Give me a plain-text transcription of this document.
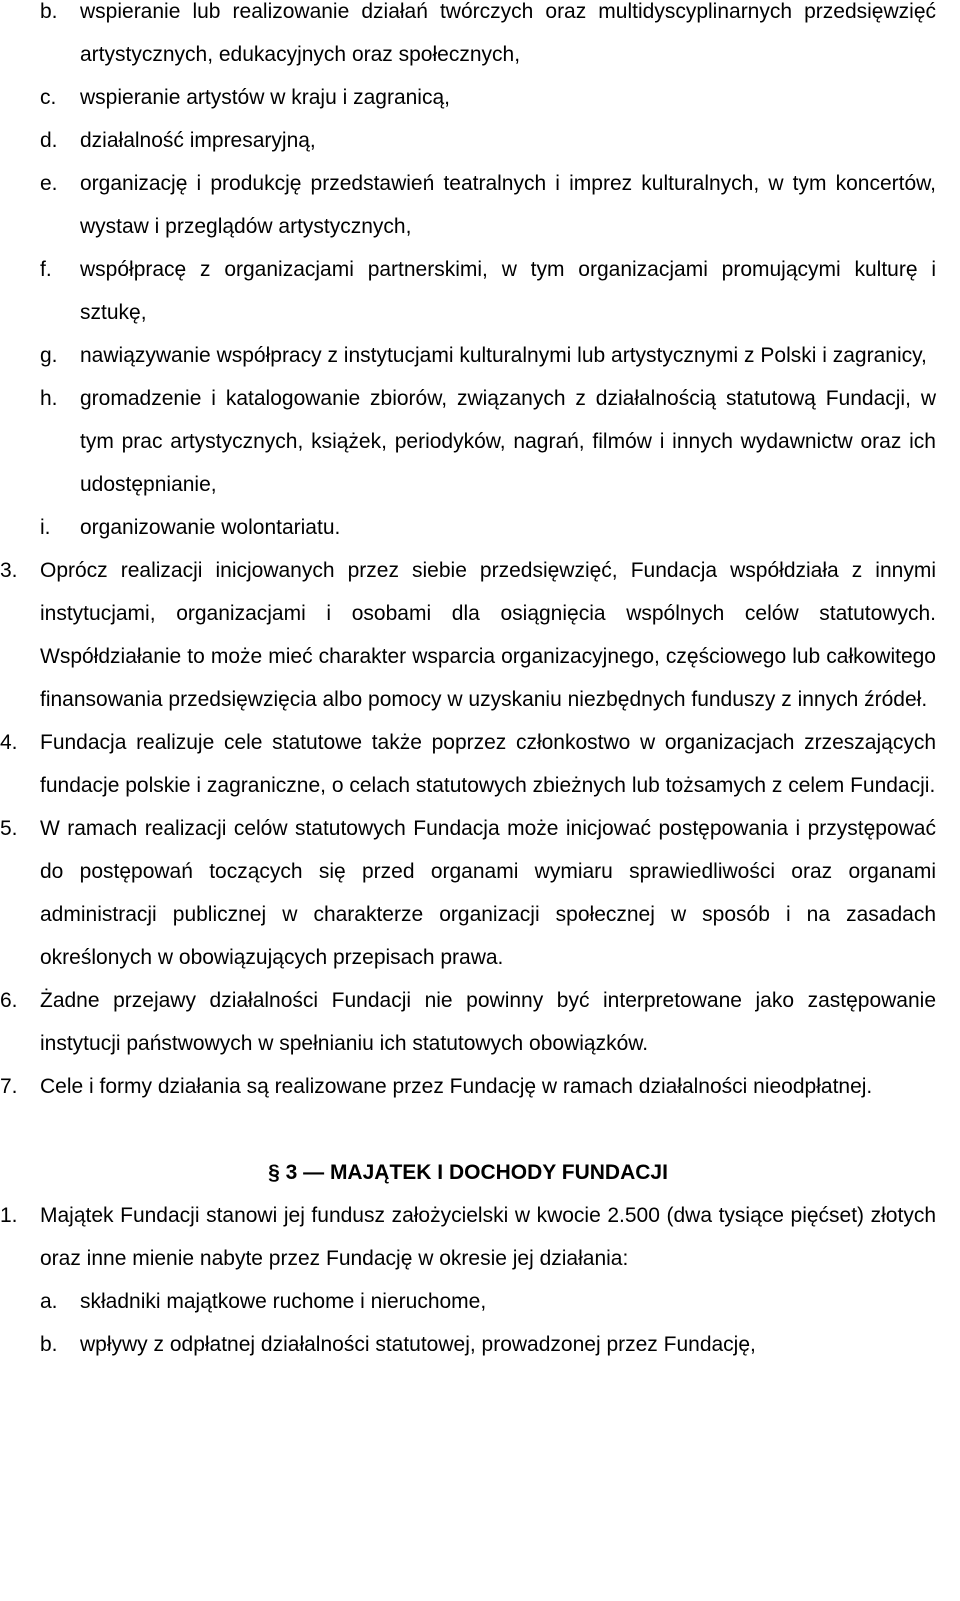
b. wspieranie lub realizowanie działań twórczych oraz multidyscyplinarnych przedsięwzięć artystycznych, edukacyjnych oraz społecznych,
c. wspieranie artystów w kraju i zagranicą,
d. działalność impresaryjną,
e. organizację i produkcję przedstawień teatralnych i imprez kulturalnych, w tym koncertów, wystaw i przeglądów artystycznych,
f. współpracę z organizacjami partnerskimi, w tym organizacjami promującymi kulturę i sztukę,
g. nawiązywanie współpracy z instytucjami kulturalnymi lub artystycznymi z Polski i zagranicy,
h. gromadzenie i katalogowanie zbiorów, związanych z działalnością statutową Fundacji, w tym prac artystycznych, książek, periodyków, nagrań, filmów i innych wydawnictw oraz ich udostępnianie,
i. organizowanie wolontariatu.
3. Oprócz realizacji inicjowanych przez siebie przedsięwzięć, Fundacja współdziała z innymi instytucjami, organizacjami i osobami dla osiągnięcia wspólnych celów statutowych. Współdziałanie to może mieć charakter wsparcia organizacyjnego, częściowego lub całkowitego finansowania przedsięwzięcia albo pomocy w uzyskaniu niezbędnych funduszy z innych źródeł.
4. Fundacja realizuje cele statutowe także poprzez członkostwo w organizacjach zrzeszających fundacje polskie i zagraniczne, o celach statutowych zbieżnych lub tożsamych z celem Fundacji.
5. W ramach realizacji celów statutowych Fundacja może inicjować postępowania i przystępować do postępowań toczących się przed organami wymiaru sprawiedliwości oraz organami administracji publicznej w charakterze organizacji społecznej w sposób i na zasadach określonych w obowiązujących przepisach prawa.
6. Żadne przejawy działalności Fundacji nie powinny być interpretowane jako zastępowanie instytucji państwowych w spełnianiu ich statutowych obowiązków.
7. Cele i formy działania są realizowane przez Fundację w ramach działalności nieodpłatnej.
§ 3 — MAJĄTEK I DOCHODY FUNDACJI
1. Majątek Fundacji stanowi jej fundusz założycielski w kwocie 2.500 (dwa tysiące pięćset) złotych oraz inne mienie nabyte przez Fundację w okresie jej działania:
a. składniki majątkowe ruchome i nieruchome,
b. wpływy z odpłatnej działalności statutowej, prowadzonej przez Fundację,
